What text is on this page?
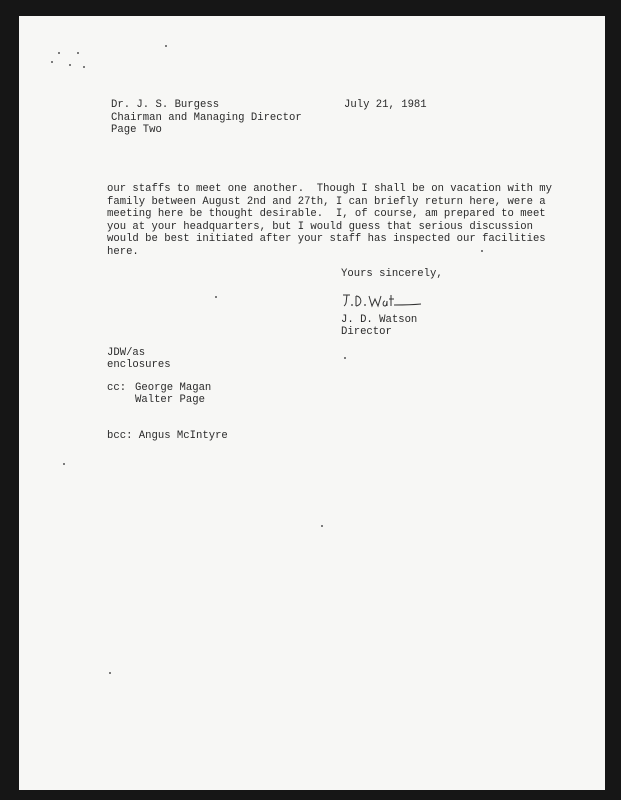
Dr. J. S. Burgess

Chairman and Managing Director

Page Two

July 21, 1981

our staffs to meet one another.  Though I shall be on vacation with my
family between August 2nd and 27th, I can briefly return here, were a
meeting here be thought desirable.  I, of course, am prepared to meet
you at your headquarters, but I would guess that serious discussion
would be best initiated after your staff has inspected our facilities
here.

Yours sincerely,

J. D. Watson

Director

JDW/as

enclosures

cc: George Magan

Walter Page

bcc: Angus McIntyre
